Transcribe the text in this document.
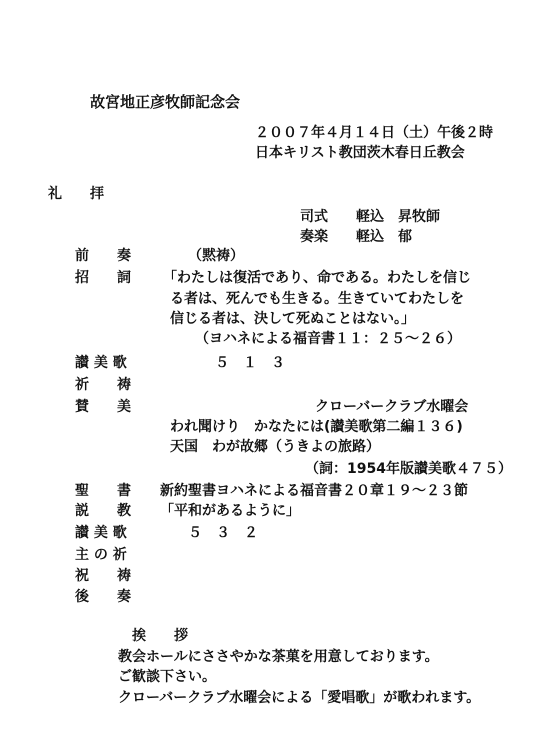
故宮地正彦牧師記念会
２００７年４月１４日（土）午後２時
日本キリスト教団茨木春日丘教会
礼　　拝
司式　　軽込　昇牧師
奏楽　　軽込　郁
前　　奏	（黙祷）
招　　詞 「わたしは復活であり、命である。わたしを信じ
る者は、死んでも生きる。生きていてわたしを
信じる者は、決して死ぬことはない。」
（ヨハネによる福音書１１：２５〜２６）
讃 美 歌	５　１　３
祈　　祷
賛　　美	クローバークラブ水曜会
われ聞けり　かなたには(讃美歌第二編１３６)
天国　わが故郷（うきよの旅路）
（詞：1954年版讃美歌４７５）
聖　　書 新約聖書ヨハネによる福音書２０章１９〜２３節
説　　教 「平和があるように」
讃 美 歌	５　３　２
主 の 祈
祝　　祷
後　　奏
挨　　拶
教会ホールにささやかな茶菓を用意しております。
ご歓談下さい。
クローバークラブ水曜会による「愛唱歌」が歌われます。
